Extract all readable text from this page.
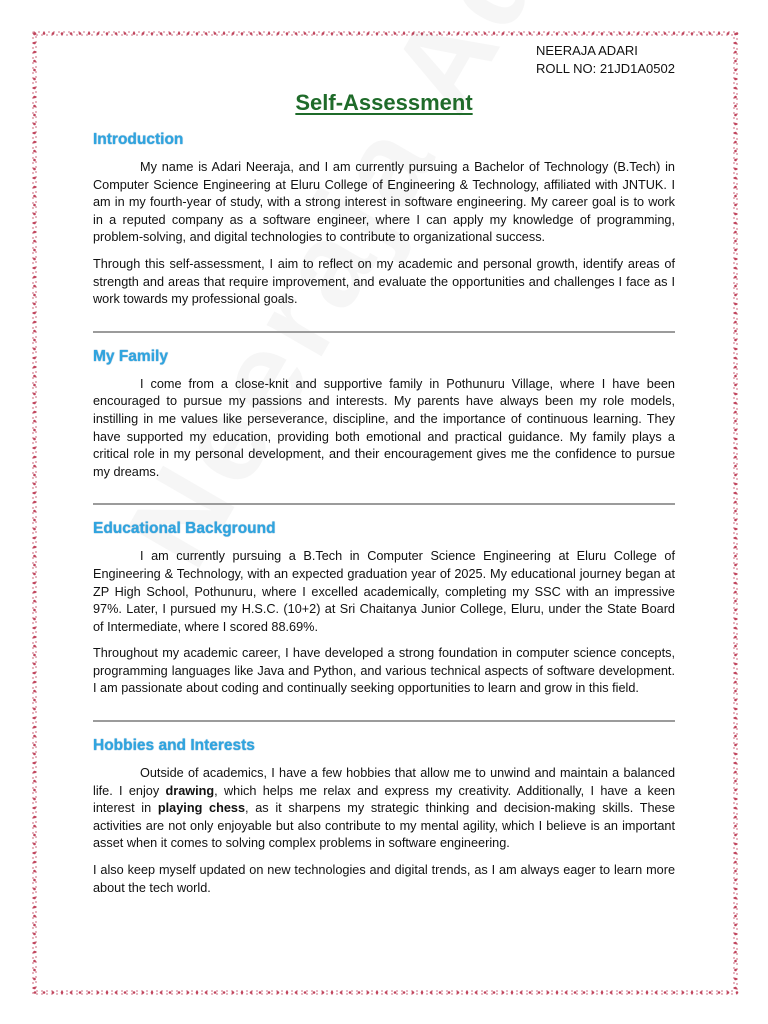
NEERAJA ADARI
ROLL NO: 21JD1A0502
Self-Assessment
Introduction

My name is Adari Neeraja, and I am currently pursuing a Bachelor of Technology (B.Tech) in Computer Science Engineering at Eluru College of Engineering & Technology, affiliated with JNTUK. I am in my fourth-year of study, with a strong interest in software engineering. My career goal is to work in a reputed company as a software engineer, where I can apply my knowledge of programming, problem-solving, and digital technologies to contribute to organizational success.

Through this self-assessment, I aim to reflect on my academic and personal growth, identify areas of strength and areas that require improvement, and evaluate the opportunities and challenges I face as I work towards my professional goals.

My Family

I come from a close-knit and supportive family in Pothunuru Village, where I have been encouraged to pursue my passions and interests. My parents have always been my role models, instilling in me values like perseverance, discipline, and the importance of continuous learning. They have supported my education, providing both emotional and practical guidance. My family plays a critical role in my personal development, and their encouragement gives me the confidence to pursue my dreams.

Educational Background

I am currently pursuing a B.Tech in Computer Science Engineering at Eluru College of Engineering & Technology, with an expected graduation year of 2025. My educational journey began at ZP High School, Pothunuru, where I excelled academically, completing my SSC with an impressive 97%. Later, I pursued my H.S.C. (10+2) at Sri Chaitanya Junior College, Eluru, under the State Board of Intermediate, where I scored 88.69%.

Throughout my academic career, I have developed a strong foundation in computer science concepts, programming languages like Java and Python, and various technical aspects of software development. I am passionate about coding and continually seeking opportunities to learn and grow in this field.

Hobbies and Interests

Outside of academics, I have a few hobbies that allow me to unwind and maintain a balanced life. I enjoy drawing, which helps me relax and express my creativity. Additionally, I have a keen interest in playing chess, as it sharpens my strategic thinking and decision-making skills. These activities are not only enjoyable but also contribute to my mental agility, which I believe is an important asset when it comes to solving complex problems in software engineering.

I also keep myself updated on new technologies and digital trends, as I am always eager to learn more about the tech world.
